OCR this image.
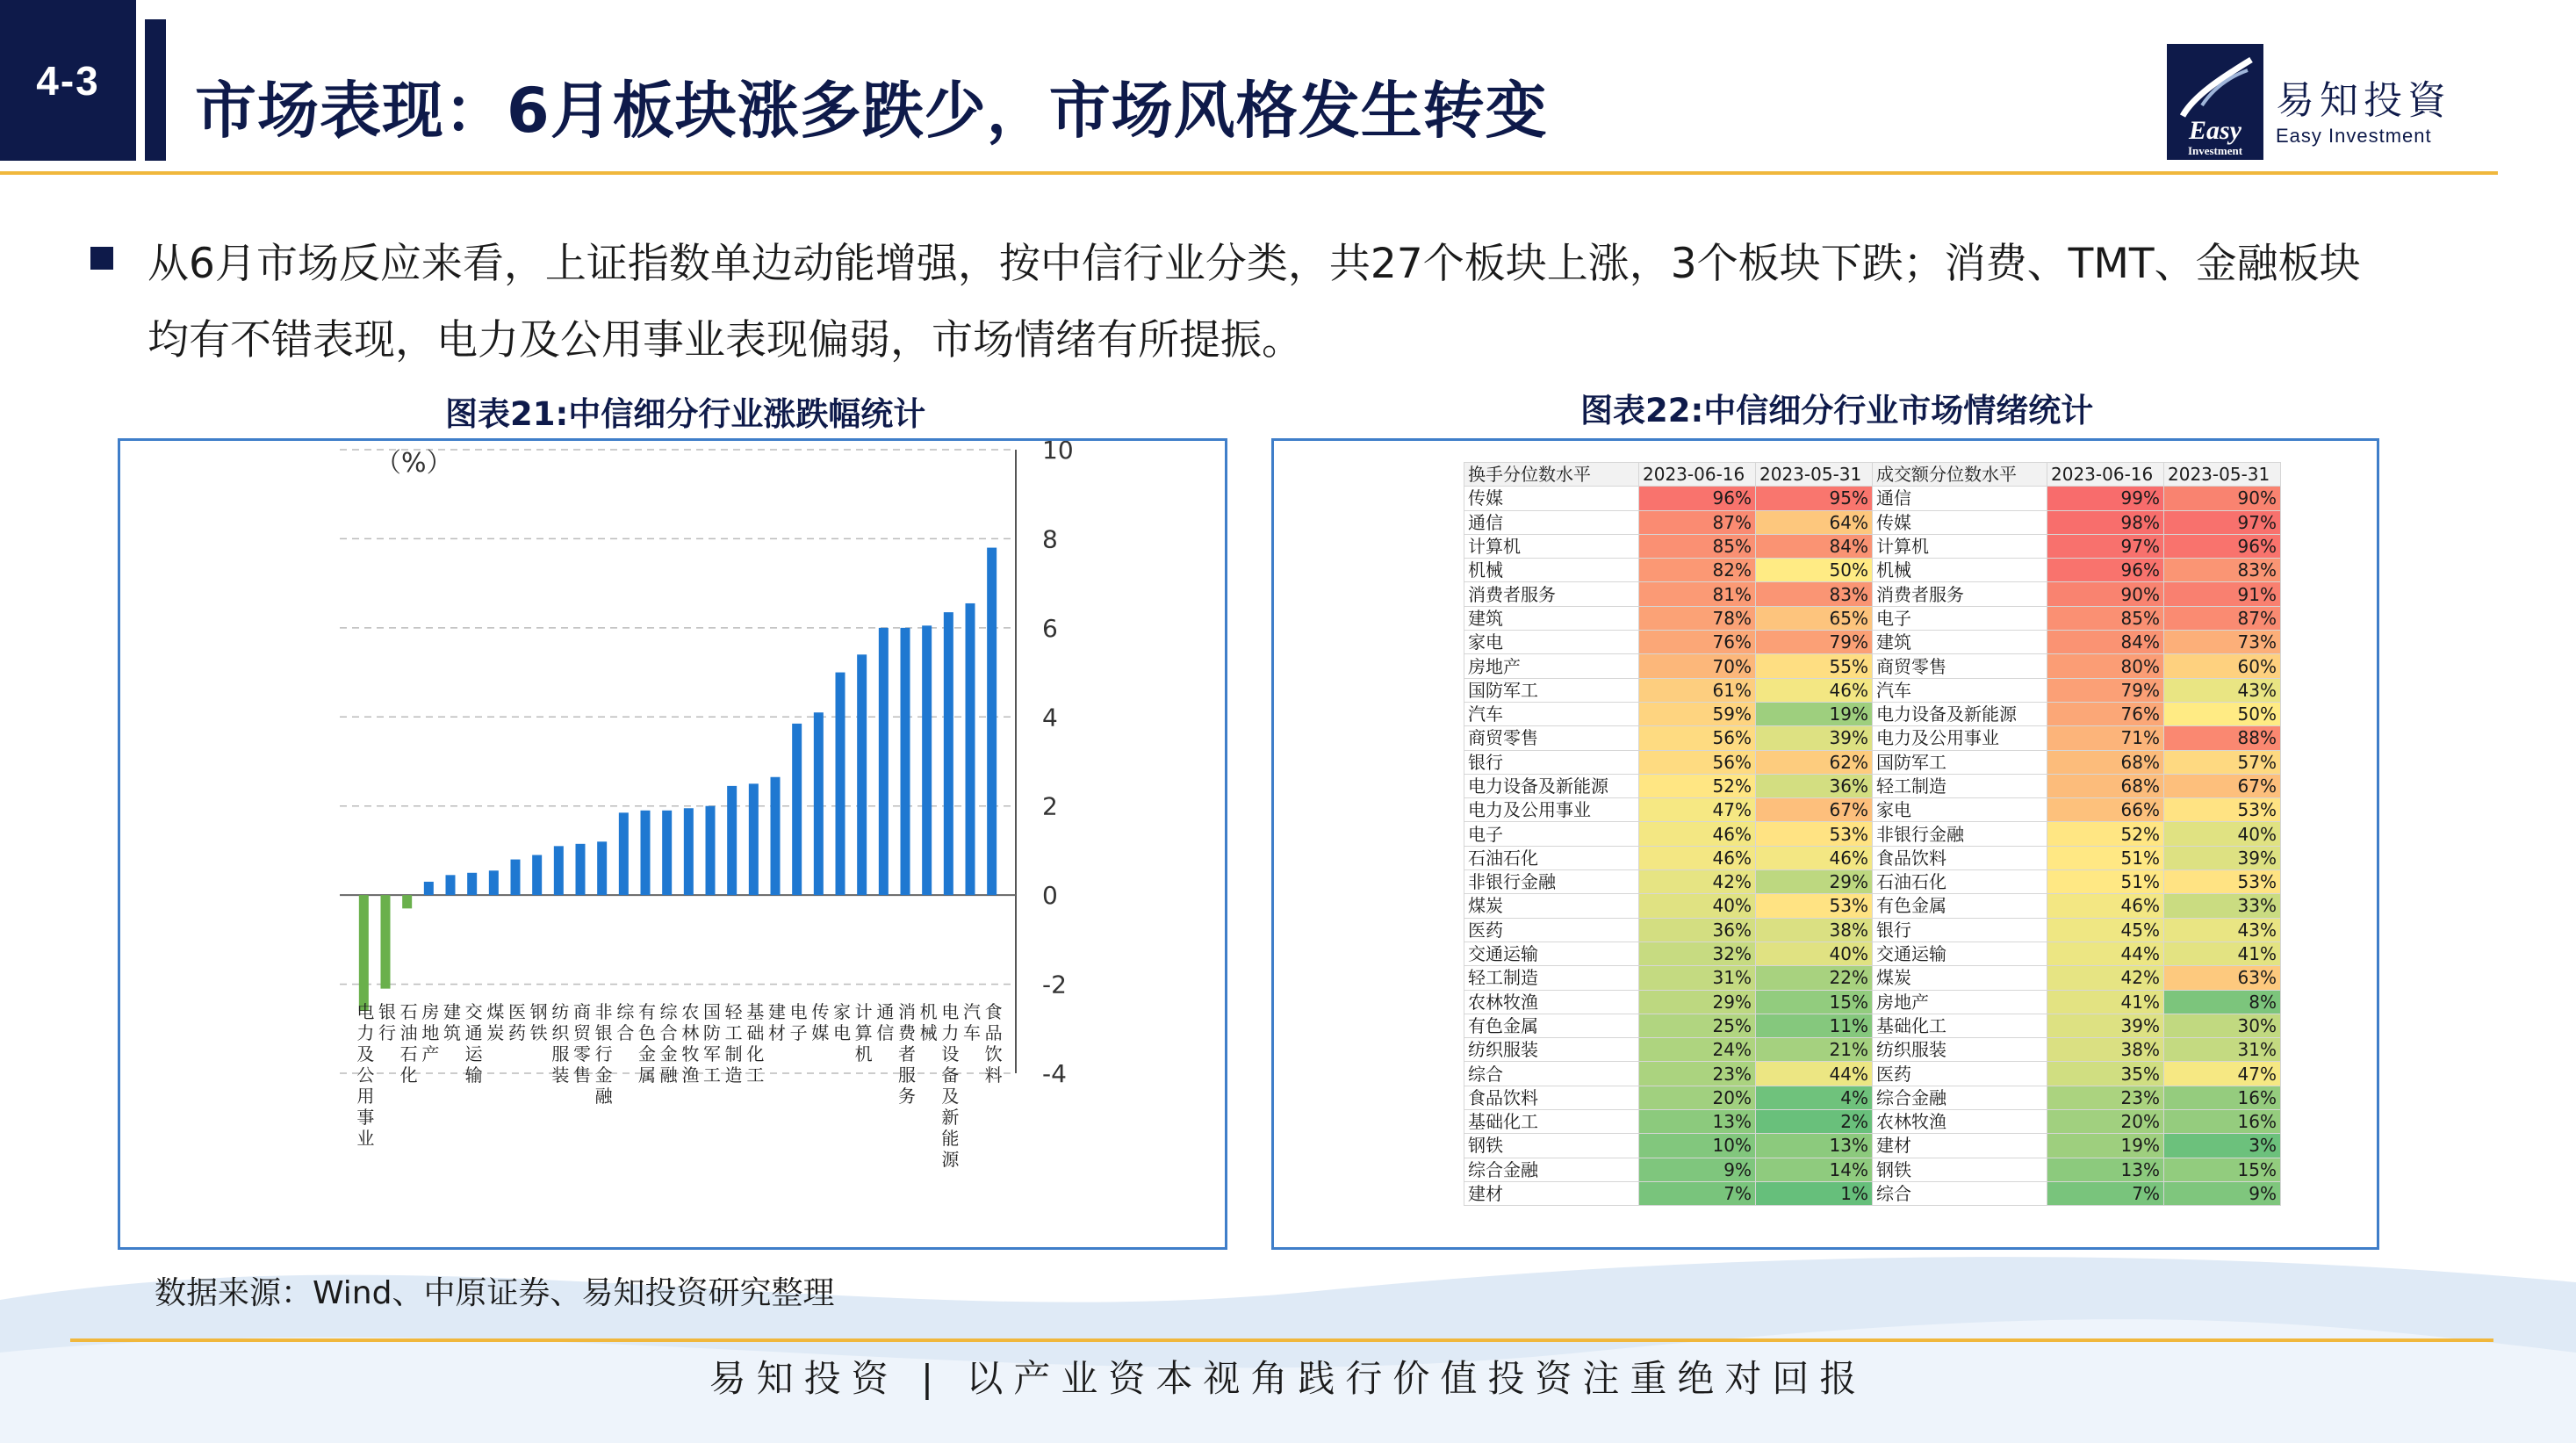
4-3	市场表现：6月板块涨多跌少，市场风格发生转变	Easy
Investment
易知投資
Easy Investment
从6月市场反应来看，上证指数单边动能增强，按中信行业分类，共27个板块上涨，3个板块下跌；消费、TMT、金融板块
均有不错表现，电力及公用事业表现偏弱，市场情绪有所提振。
图表21:中信细分行业涨跌幅统计	图表22:中信细分行业市场情绪统计
10
8
6
4
2
0
-2
-4
电力及公用事业
银行
石油石化
房地产
建筑
交通运输
煤炭
医药
钢铁
纺织服装
商贸零售
非银行金融
综合
有色金属
综合金融
农林牧渔
国防军工
轻工制造
基础化工
建材
电子
传媒
家电
计算机
通信
消费者服务
机械
电力设备及新能源
汽车
食品饮料
（%）	换手分位数水平	2023-06-16	2023-05-31	成交额分位数水平	2023-06-16	2023-05-31
传媒	96%	95%	通信	99%	90%
通信	87%	64%	传媒	98%	97%
计算机	85%	84%	计算机	97%	96%
机械	82%	50%	机械	96%	83%
消费者服务	81%	83%	消费者服务	90%	91%
建筑	78%	65%	电子	85%	87%
家电	76%	79%	建筑	84%	73%
房地产	70%	55%	商贸零售	80%	60%
国防军工	61%	46%	汽车	79%	43%
汽车	59%	19%	电力设备及新能源	76%	50%
商贸零售	56%	39%	电力及公用事业	71%	88%
银行	56%	62%	国防军工	68%	57%
电力设备及新能源	52%	36%	轻工制造	68%	67%
电力及公用事业	47%	67%	家电	66%	53%
电子	46%	53%	非银行金融	52%	40%
石油石化	46%	46%	食品饮料	51%	39%
非银行金融	42%	29%	石油石化	51%	53%
煤炭	40%	53%	有色金属	46%	33%
医药	36%	38%	银行	45%	43%
交通运输	32%	40%	交通运输	44%	41%
轻工制造	31%	22%	煤炭	42%	63%
农林牧渔	29%	15%	房地产	41%	8%
有色金属	25%	11%	基础化工	39%	30%
纺织服装	24%	21%	纺织服装	38%	31%
综合	23%	44%	医药	35%	47%
食品饮料	20%	4%	综合金融	23%	16%
基础化工	13%	2%	农林牧渔	20%	16%
钢铁	10%	13%	建材	19%	3%
综合金融	9%	14%	钢铁	13%	15%
建材	7%	1%	综合	7%	9%
数据来源：Wind、中原证券、易知投资研究整理
易知投资 | 以产业资本视角践行价值投资注重绝对回报
